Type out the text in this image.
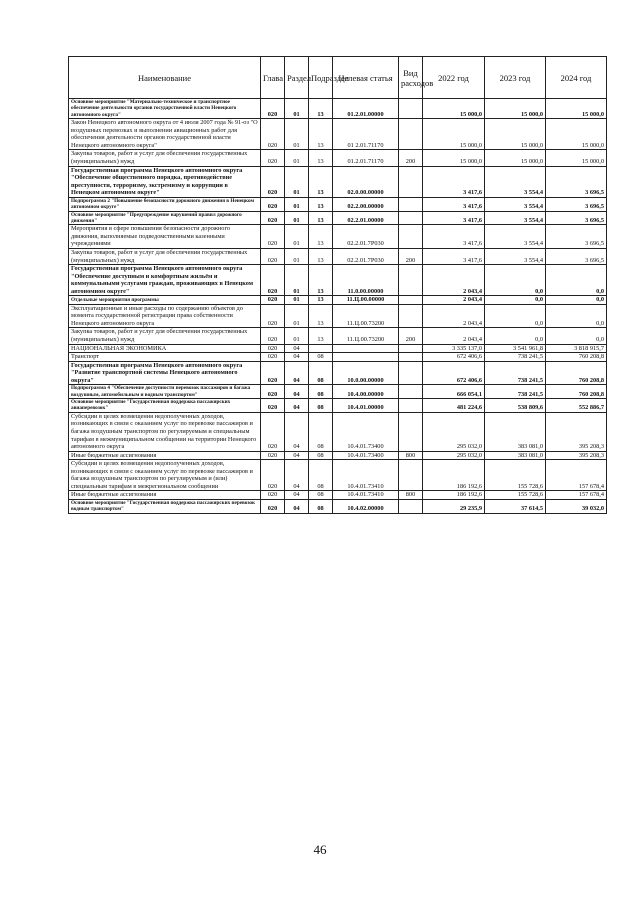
Наименование	Глава	Раздел	Подраздел	Целевая статья	Вид расходов	2022 год	2023 год	2024 год
Основное мероприятие "Материально-техническое и транспортное обеспечение деятельности органов государственной власти Ненецкого автономного округа"	020	01	13	01.2.01.00000		15 000,0	15 000,0	15 000,0
Закон Ненецкого автономного округа от 4 июля 2007 года № 91-оз "О воздушных перевозках и выполнении авиационных работ для обеспечения деятельности органов государственной власти Ненецкого автономного округа"	020	01	13	01 2.01.71170		15 000,0	15 000,0	15 000,0
Закупка товаров, работ и услуг для обеспечения государственных (муниципальных) нужд	020	01	13	01.2.01.71170	200	15 000,0	15 000,0	15 000,0
Государственная программа Ненецкого автономного округа "Обеспечение общественного порядка, противодействие преступности, терроризму, экстремизму и коррупции в Ненецком автономном округе"	020	01	13	02.0.00.00000		3 417,6	3 554,4	3 696,5
Подпрограмма 2 "Повышение безопасности дорожного движения в Ненецком автономном округе"	020	01	13	02.2.00.00000		3 417,6	3 554,4	3 696,5
Основное мероприятие "Предупреждение нарушений правил дорожного движения"	020	01	13	02.2.01.00000		3 417,6	3 554,4	3 696,5
Мероприятия в сфере повышения безопасности дорожного движения, выполняемые подведомственными казенными учреждениями	020	01	13	02.2.01.7Р030		3 417,6	3 554,4	3 696,5
Закупка товаров, работ и услуг для обеспечения государственных (муниципальных) нужд	020	01	13	02.2.01.7Р030	200	3 417,6	3 554,4	3 696,5
Государственная программа Ненецкого автономного округа "Обеспечение доступным и комфортным жильём и коммунальными услугами граждан, проживающих в Ненецком автономном округе"	020	01	13	11.0.00.00000		2 043,4	0,0	0,0
Отдельные мероприятия программы	020	01	13	11.Ц.00.00000		2 043,4	0,0	0,0
Эксплуатационные и иные расходы по содержанию объектов до момента государственной регистрации права собственности Ненецкого автономного округа	020	01	13	11.Ц.00.73200		2 043,4	0,0	0,0
Закупка товаров, работ и услуг для обеспечения государственных (муниципальных) нужд	020	01	13	11.Ц.00.73200	200	2 043,4	0,0	0,0
НАЦИОНАЛЬНАЯ ЭКОНОМИКА	020	04				3 335 137,0	3 541 961,8	3 818 915,7
Транспорт	020	04	08			672 406,6	738 241,5	760 208,8
Государственная программа Ненецкого автономного округа "Развитие транспортной системы Ненецкого автономного округа"	020	04	08	10.0.00.00000		672 406,6	738 241,5	760 208,8
Подпрограмма 4 "Обеспечение доступности перевозок пассажиров и багажа воздушным, автомобильным и водным транспортом"	020	04	08	10.4.00.00000		666 054,1	738 241,5	760 208,8
Основное мероприятие "Государственная поддержка пассажирских авиаперевозок"	020	04	08	10.4.01.00000		481 224,6	538 809,6	552 886,7
Субсидии в целях возмещения недополученных доходов, возникающих в связи с оказанием услуг по перевозке пассажиров и багажа воздушным транспортом по регулируемым и специальным тарифам в межмуниципальном сообщении на территории Ненецкого автономного округа	020	04	08	10.4.01.73400		295 032,0	383 081,0	395 208,3
Иные бюджетные ассигнования	020	04	08	10.4.01.73400	800	295 032,0	383 081,0	395 208,3
Субсидии в целях возмещения недополученных доходов, возникающих в связи с оказанием услуг по перевозке пассажиров и багажа воздушным транспортом по регулируемым и (или) специальным тарифам в межрегиональном сообщении	020	04	08	10.4.01.73410		186 192,6	155 728,6	157 678,4
Иные бюджетные ассигнования	020	04	08	10.4.01.73410	800	186 192,6	155 728,6	157 678,4
Основное мероприятие "Государственная поддержка пассажирских перевозок водным транспортом"	020	04	08	10.4.02.00000		29 235,9	37 614,5	39 032,0
46
